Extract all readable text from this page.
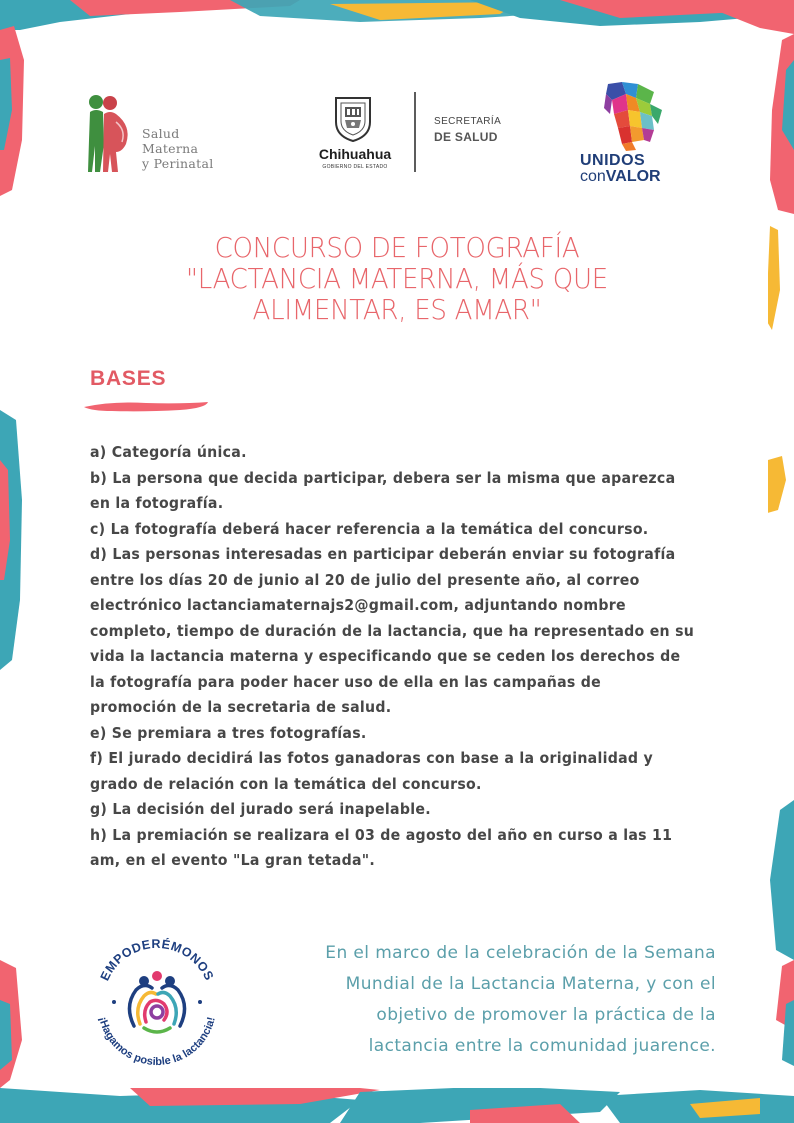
Salud
Materna
y Perinatal
Chihuahua
GOBIERNO DEL ESTADO
SECRETARÍA
DE SALUD
UNIDOS
conVALOR
CONCURSO DE FOTOGRAFÍA
"LACTANCIA MATERNA, MÁS QUE
ALIMENTAR, ES AMAR"
BASES

a) Categoría única.

b) La persona que decida participar, debera ser la misma que aparezca

en la fotografía.

c) La fotografía deberá hacer referencia a la temática del concurso.

d) Las personas interesadas en participar deberán enviar su fotografía

entre los días 20 de junio al 20 de julio del presente año, al correo

electrónico lactanciamaternajs2@gmail.com, adjuntando nombre

completo, tiempo de duración de la lactancia, que ha representado en su

vida la lactancia materna y especificando que se ceden los derechos de

la fotografía para poder hacer uso de ella en las campañas de

promoción de la secretaria de salud.

e) Se premiara a tres fotografías.

f) El jurado decidirá las fotos ganadoras con base a la originalidad y

grado de relación con la temática del concurso.

g) La decisión del jurado será inapelable.

h) La premiación se realizara el 03 de agosto del año en curso a las 11

am, en el evento "La gran tetada".

EMPODERÉMONOS
¡Hagamos posible la lactancia!

En el marco de la celebración de la Semana

Mundial de la Lactancia Materna, y con el

objetivo de promover la práctica de la

lactancia entre la comunidad juarence.
